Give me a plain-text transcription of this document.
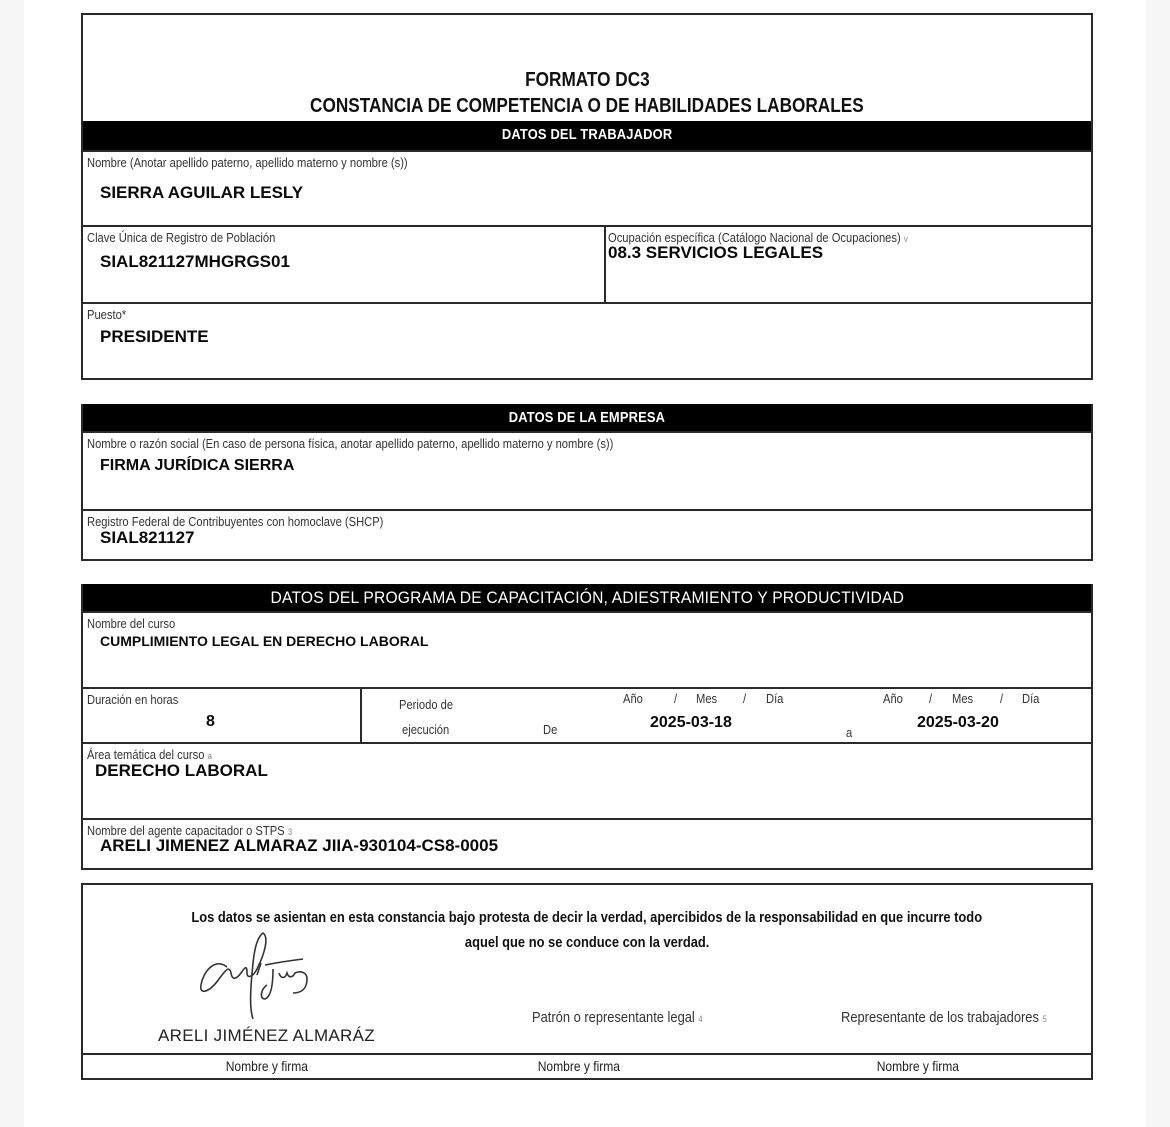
FORMATO DC3
CONSTANCIA DE COMPETENCIA O DE HABILIDADES LABORALES
DATOS DEL TRABAJADOR
Nombre (Anotar apellido paterno, apellido materno y nombre (s))
SIERRA AGUILAR LESLY
Clave Única de Registro de Población
SIAL821127MHGRGS01
Ocupación específica (Catálogo Nacional de Ocupaciones) v
08.3 SERVICIOS LEGALES
Puesto*
PRESIDENTE
DATOS DE LA EMPRESA
Nombre o razón social (En caso de persona física, anotar apellido paterno, apellido materno y nombre (s))
FIRMA JURÍDICA SIERRA
Registro Federal de Contribuyentes con homoclave (SHCP)
SIAL821127
DATOS DEL PROGRAMA DE CAPACITACIÓN, ADIESTRAMIENTO Y PRODUCTIVIDAD
Nombre del curso
CUMPLIMIENTO LEGAL EN DERECHO LABORAL
Duración en horas
8
Periodo de
ejecución	De
Año / Mes / Día
2025-03-18
a
Año / Mes / Día
2025-03-20
Área temática del curso a
DERECHO LABORAL
Nombre del agente capacitador o STPS 3
ARELI JIMENEZ ALMARAZ JIIA-930104-CS8-0005
Los datos se asientan en esta constancia bajo protesta de decir la verdad, apercibidos de la responsabilidad en que incurre todo
aquel que no se conduce con la verdad.
ARELI JIMÉNEZ ALMARÁZ
Patrón o representante legal 4	Representante de los trabajadores 5
Nombre y firma	Nombre y firma	Nombre y firma
